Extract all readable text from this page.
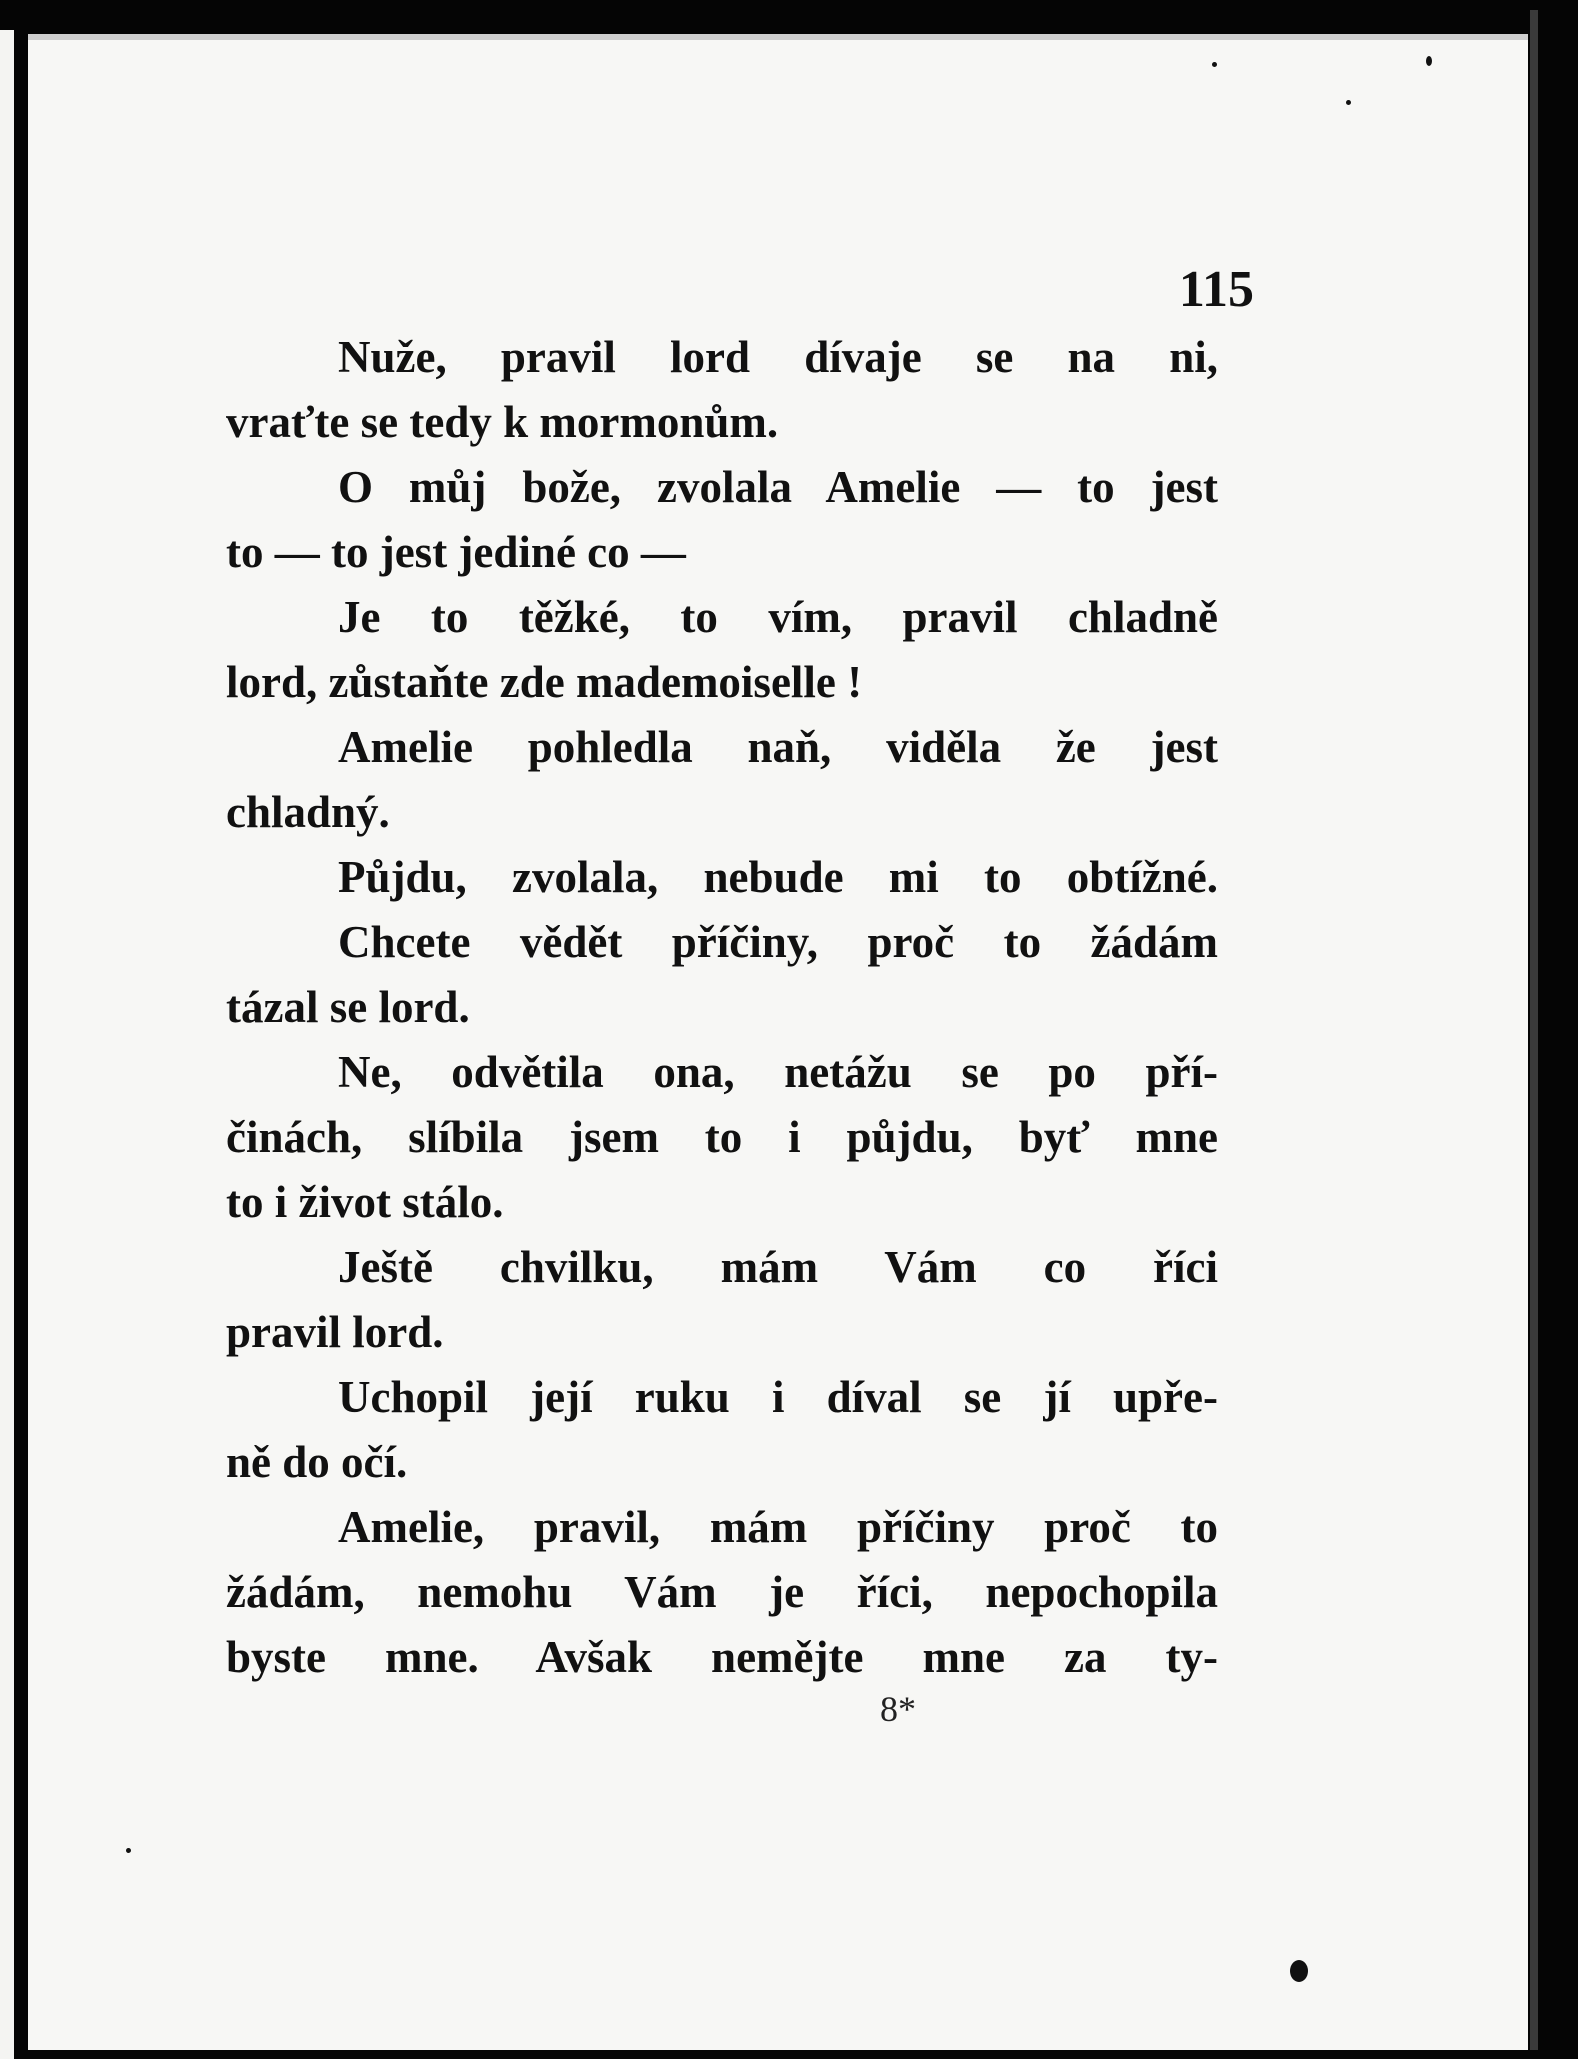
115
Nuže, pravil lord dívaje se na ni,
vraťte se tedy k mormonům.
O můj bože, zvolala Amelie — to jest
to — to jest jediné co —
Je to těžké, to vím, pravil chladně
lord, zůstaňte zde mademoiselle !
Amelie pohledla naň, viděla že jest
chladný.
Půjdu, zvolala, nebude mi to obtížné.
Chcete vědět příčiny, proč to žádám
tázal se lord.
Ne, odvětila ona, netážu se po pří-
činách, slíbila jsem to i půjdu, byť mne
to i život stálo.
Ještě chvilku, mám Vám co říci
pravil lord.
Uchopil její ruku i díval se jí upře-
ně do očí.
Amelie, pravil, mám příčiny proč to
žádám, nemohu Vám je říci, nepochopila
byste mne. Avšak nemějte mne za ty-
8*
